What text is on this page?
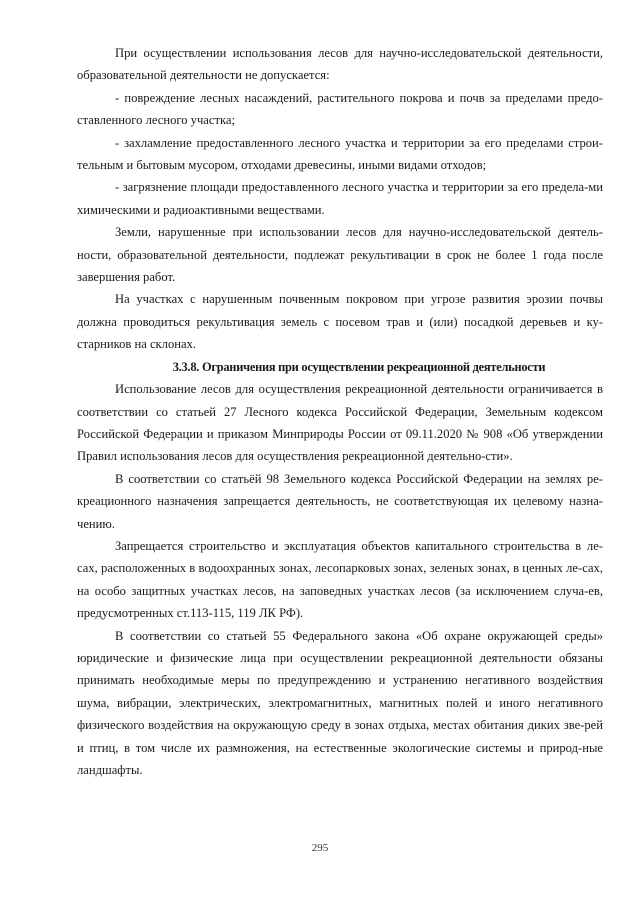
При осуществлении использования лесов для научно-исследовательской деятельности, образовательной деятельности не допускается:

- повреждение лесных насаждений, растительного покрова и почв за пределами предо-ставленного лесного участка;

- захламление предоставленного лесного участка и территории за его пределами строи-тельным и бытовым мусором, отходами древесины, иными видами отходов;

- загрязнение площади предоставленного лесного участка и территории за его предела-ми химическими и радиоактивными веществами.

Земли, нарушенные при использовании лесов для научно-исследовательской деятель-ности, образовательной деятельности, подлежат рекультивации в срок не более 1 года после завершения работ.

На участках с нарушенным почвенным покровом при угрозе развития эрозии почвы должна проводиться рекультивация земель с посевом трав и (или) посадкой деревьев и ку-старников на склонах.

3.3.8. Ограничения при осуществлении рекреационной деятельности

Использование лесов для осуществления рекреационной деятельности ограничивается в соответствии со статьей 27 Лесного кодекса Российской Федерации, Земельным кодексом Российской Федерации и приказом Минприроды России от 09.11.2020 № 908 «Об утверждении Правил использования лесов для осуществления рекреационной деятельно-сти».

В соответствии со статьёй 98 Земельного кодекса Российской Федерации на землях ре-креационного назначения запрещается деятельность, не соответствующая их целевому назна-чению.

Запрещается строительство и эксплуатация объектов капитального строительства в ле-сах, расположенных в водоохранных зонах, лесопарковых зонах, зеленых зонах, в ценных ле-сах, на особо защитных участках лесов, на заповедных участках лесов (за исключением случа-ев, предусмотренных ст.113-115, 119 ЛК РФ).

В соответствии со статьей 55 Федерального закона «Об охране окружающей среды» юридические и физические лица при осуществлении рекреационной деятельности обязаны принимать необходимые меры по предупреждению и устранению негативного воздействия шума, вибрации, электрических, электромагнитных, магнитных полей и иного негативного физического воздействия на окружающую среду в зонах отдыха, местах обитания диких зве-рей и птиц, в том числе их размножения, на естественные экологические системы и природ-ные ландшафты.

295
